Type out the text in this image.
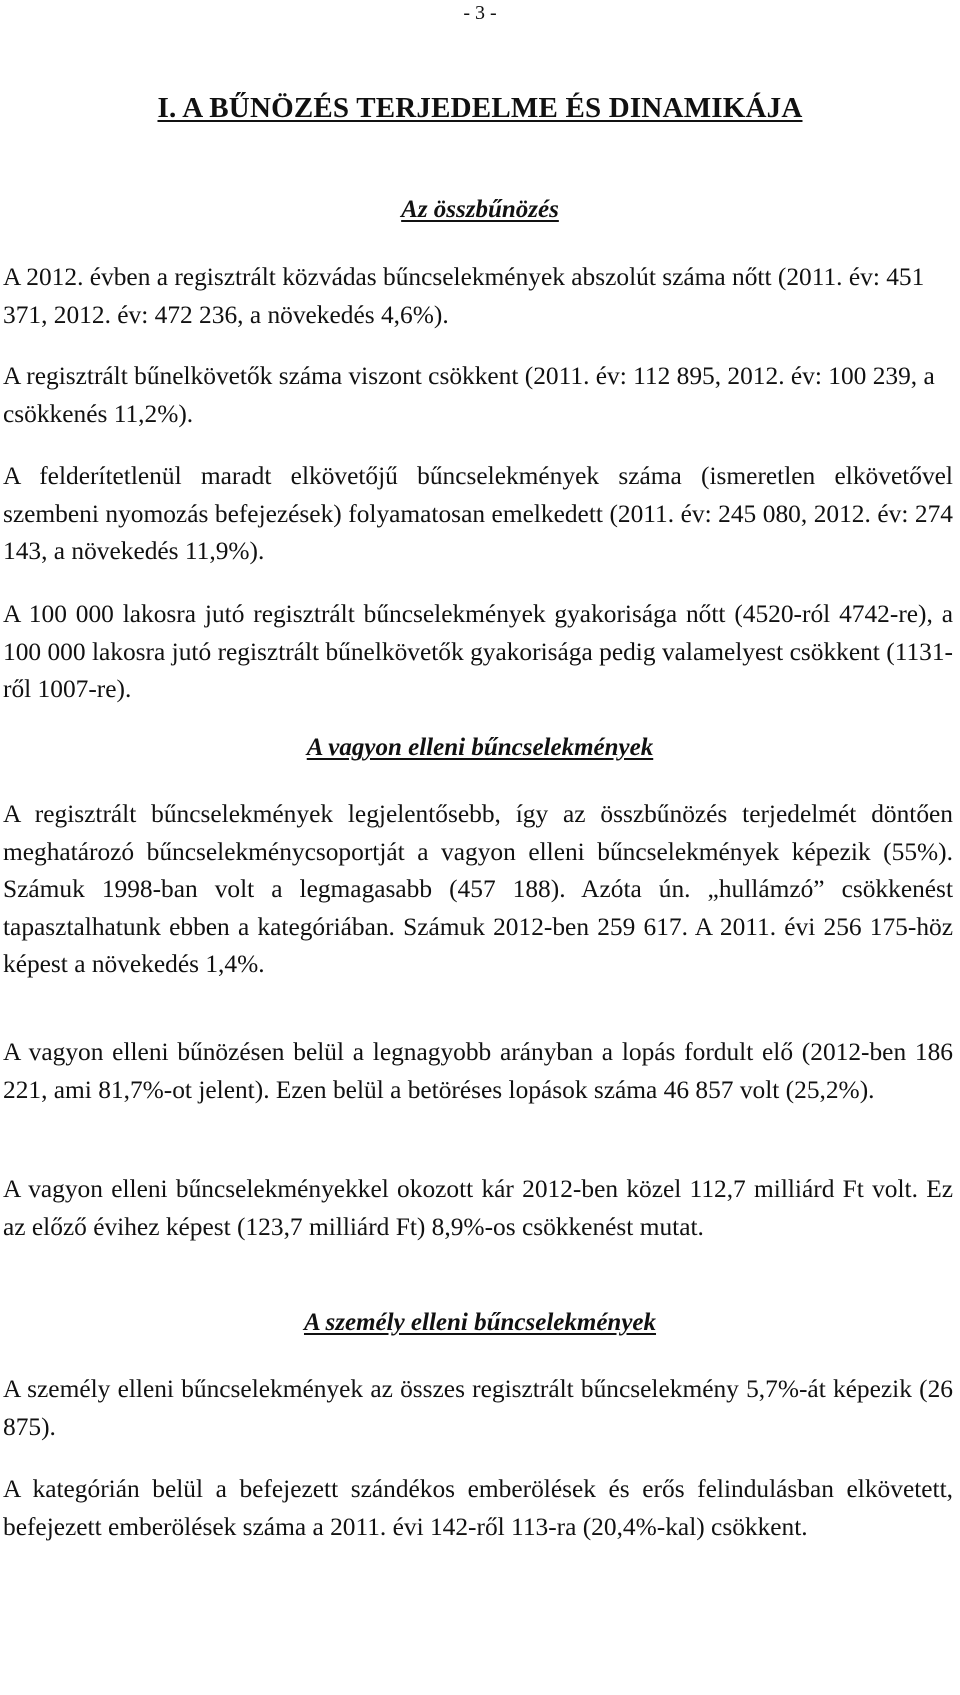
- 3 -
I. A BŰNÖZÉS TERJEDELME ÉS DINAMIKÁJA
Az összbűnözés

A 2012. évben a regisztrált közvádas bűncselekmények abszolút száma nőtt (2011. év: 451 371, 2012. év: 472 236, a növekedés 4,6%).

A regisztrált bűnelkövetők száma viszont csökkent (2011. év: 112 895, 2012. év: 100 239, a csökkenés 11,2%).

A felderítetlenül maradt elkövetőjű bűncselekmények száma (ismeretlen elkövetővel szembeni nyomozás befejezések) folyamatosan emelkedett (2011. év: 245 080, 2012. év: 274 143, a növekedés 11,9%).

A 100 000 lakosra jutó regisztrált bűncselekmények gyakorisága nőtt (4520-ról 4742-re), a 100 000 lakosra jutó regisztrált bűnelkövetők gyakorisága pedig valamelyest csökkent (1131-ről 1007-re).

A vagyon elleni bűncselekmények

A regisztrált bűncselekmények legjelentősebb, így az összbűnözés terjedelmét döntően meghatározó bűncselekménycsoportját a vagyon elleni bűncselekmények képezik (55%). Számuk 1998-ban volt a legmagasabb (457 188). Azóta ún. „hullámzó” csökkenést tapasztalhatunk ebben a kategóriában. Számuk 2012-ben 259 617. A 2011. évi 256 175-höz képest a növekedés 1,4%.

A vagyon elleni bűnözésen belül a legnagyobb arányban a lopás fordult elő (2012-ben 186 221, ami 81,7%-ot jelent). Ezen belül a betöréses lopások száma 46 857 volt (25,2%).

A vagyon elleni bűncselekményekkel okozott kár 2012-ben közel 112,7 milliárd Ft volt. Ez az előző évihez képest (123,7 milliárd Ft) 8,9%-os csökkenést mutat.

A személy elleni bűncselekmények

A személy elleni bűncselekmények az összes regisztrált bűncselekmény 5,7%-át képezik (26 875).

A kategórián belül a befejezett szándékos emberölések és erős felindulásban elkövetett, befejezett emberölések száma a 2011. évi 142-ről 113-ra (20,4%-kal) csökkent.
